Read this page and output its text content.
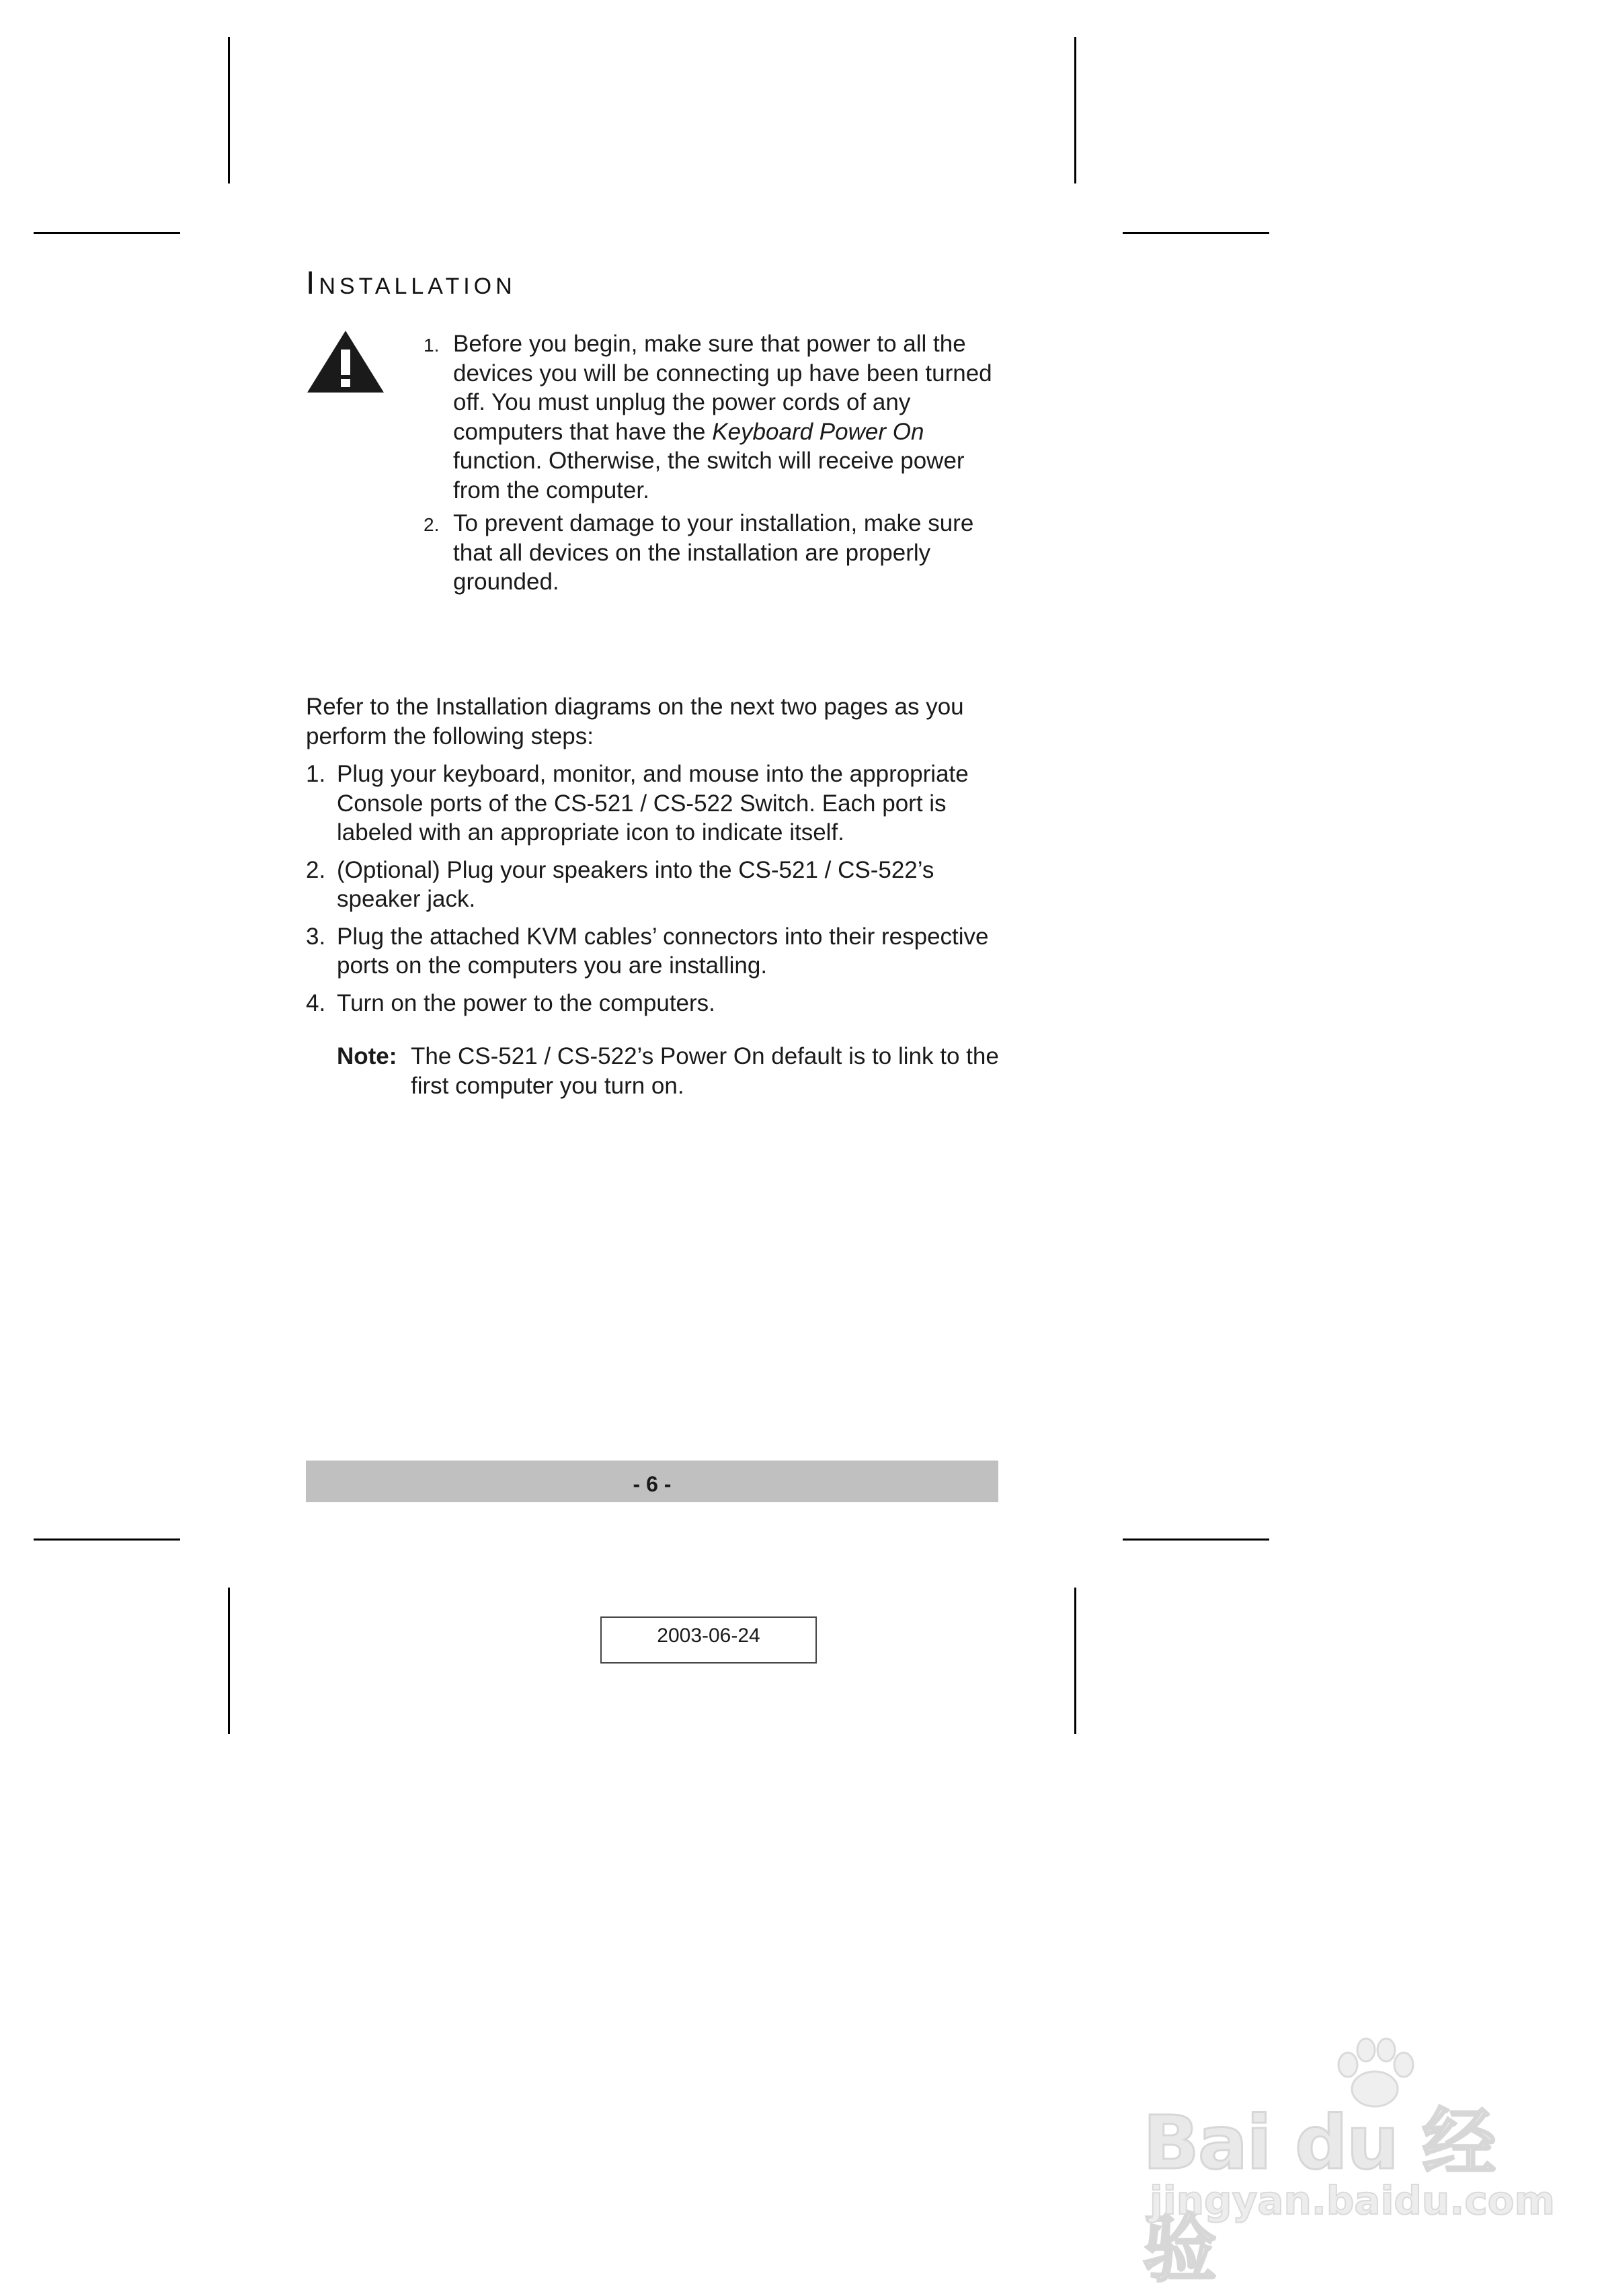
Installation
1. Before you begin, make sure that power to all the devices you will be connecting up have been turned off. You must unplug the power cords of any computers that have the Keyboard Power On function. Otherwise, the switch will receive power from the computer.
2. To prevent damage to your installation, make sure that all devices on the installation are properly grounded.

Refer to the Installation diagrams on the next two pages as you perform the following steps:

1. Plug your keyboard, monitor, and mouse into the appropriate Console ports of the CS-521 / CS-522 Switch. Each port is labeled with an appropriate icon to indicate itself.
2. (Optional) Plug your speakers into the CS-521 / CS-522’s speaker jack.
3. Plug the attached KVM cables’ connectors into their respective ports on the computers you are installing.
4. Turn on the power to the computers.
Note: The CS-521 / CS-522’s Power On default is to link to the first computer you turn on.
- 6 -
2003-06-24
Bai du 经验
jingyan.baidu.com
